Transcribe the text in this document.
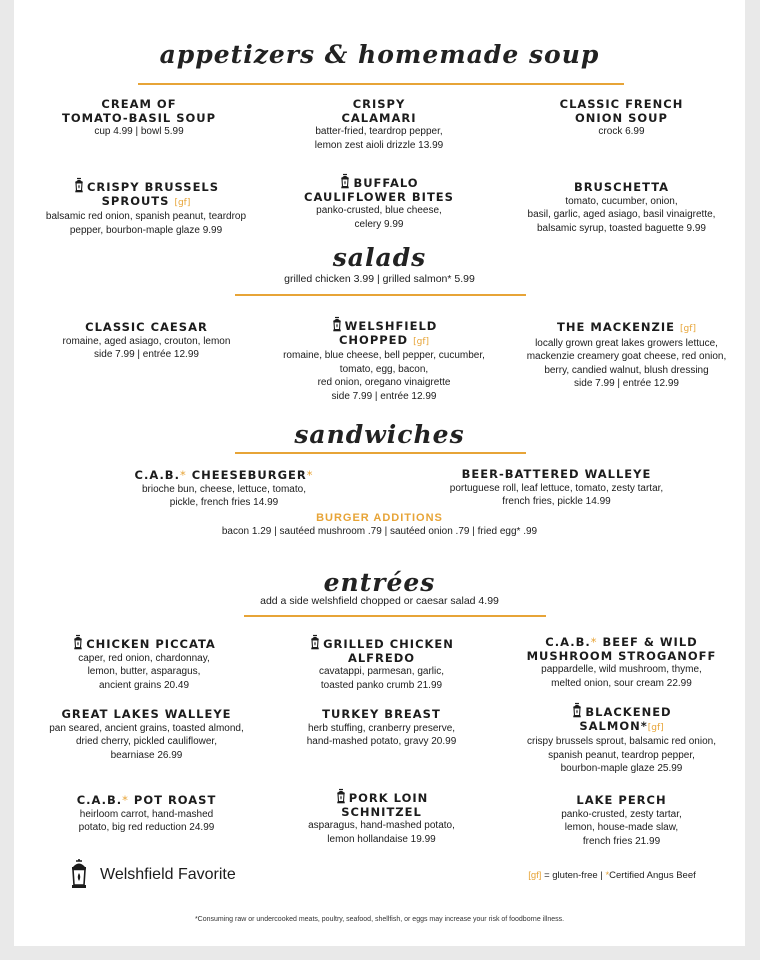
appetizers & homemade soup
CREAM OF
TOMATO-BASIL SOUP
cup 4.99 | bowl 5.99
CRISPY
CALAMARI
batter-fried, teardrop pepper,
lemon zest aioli drizzle 13.99
CLASSIC FRENCH
ONION SOUP
crock 6.99
CRISPY BRUSSELS
SPROUTS [gf]
balsamic red onion, spanish peanut, teardrop
pepper, bourbon-maple glaze 9.99
BUFFALO
CAULIFLOWER BITES
panko-crusted, blue cheese,
celery 9.99
BRUSCHETTA
tomato, cucumber, onion,
basil, garlic, aged asiago, basil vinaigrette,
balsamic syrup, toasted baguette 9.99
salads
grilled chicken 3.99 | grilled salmon* 5.99
CLASSIC CAESAR
romaine, aged asiago, crouton, lemon
side 7.99 | entrée 12.99
WELSHFIELD
CHOPPED [gf]
romaine, blue cheese, bell pepper, cucumber,
tomato, egg, bacon,
red onion, oregano vinaigrette
side 7.99 | entrée 12.99
THE MACKENZIE [gf]
locally grown great lakes growers lettuce,
mackenzie creamery goat cheese, red onion,
berry, candied walnut, blush dressing
side 7.99 | entrée 12.99
sandwiches
C.A.B.* CHEESEBURGER*
brioche bun, cheese, lettuce, tomato,
pickle, french fries 14.99
BEER-BATTERED WALLEYE
portuguese roll, leaf lettuce, tomato, zesty tartar,
french fries, pickle 14.99
BURGER ADDITIONS
bacon 1.29 | sautéed mushroom .79 | sautéed onion .79 | fried egg* .99
entrées
add a side welshfield chopped or caesar salad 4.99
CHICKEN PICCATA
caper, red onion, chardonnay,
lemon, butter, asparagus,
ancient grains 20.49
GRILLED CHICKEN
ALFREDO
cavatappi, parmesan, garlic,
toasted panko crumb 21.99
C.A.B.* BEEF & WILD
MUSHROOM STROGANOFF
pappardelle, wild mushroom, thyme,
melted onion, sour cream 22.99
GREAT LAKES WALLEYE
pan seared, ancient grains, toasted almond,
dried cherry, pickled cauliflower,
bearniase 26.99
TURKEY BREAST
herb stuffing, cranberry preserve,
hand-mashed potato, gravy 20.99
BLACKENED
SALMON*[gf]
crispy brussels sprout, balsamic red onion,
spanish peanut, teardrop pepper,
bourbon-maple glaze 25.99
C.A.B.* POT ROAST
heirloom carrot, hand-mashed
potato, big red reduction 24.99
PORK LOIN
SCHNITZEL
asparagus, hand-mashed potato,
lemon hollandaise 19.99
LAKE PERCH
panko-crusted, zesty tartar,
lemon, house-made slaw,
french fries 21.99
Welshfield Favorite	[gf] = gluten-free | *Certified Angus Beef
*Consuming raw or undercooked meats, poultry, seafood, shellfish, or eggs may increase your risk of foodborne illness.
